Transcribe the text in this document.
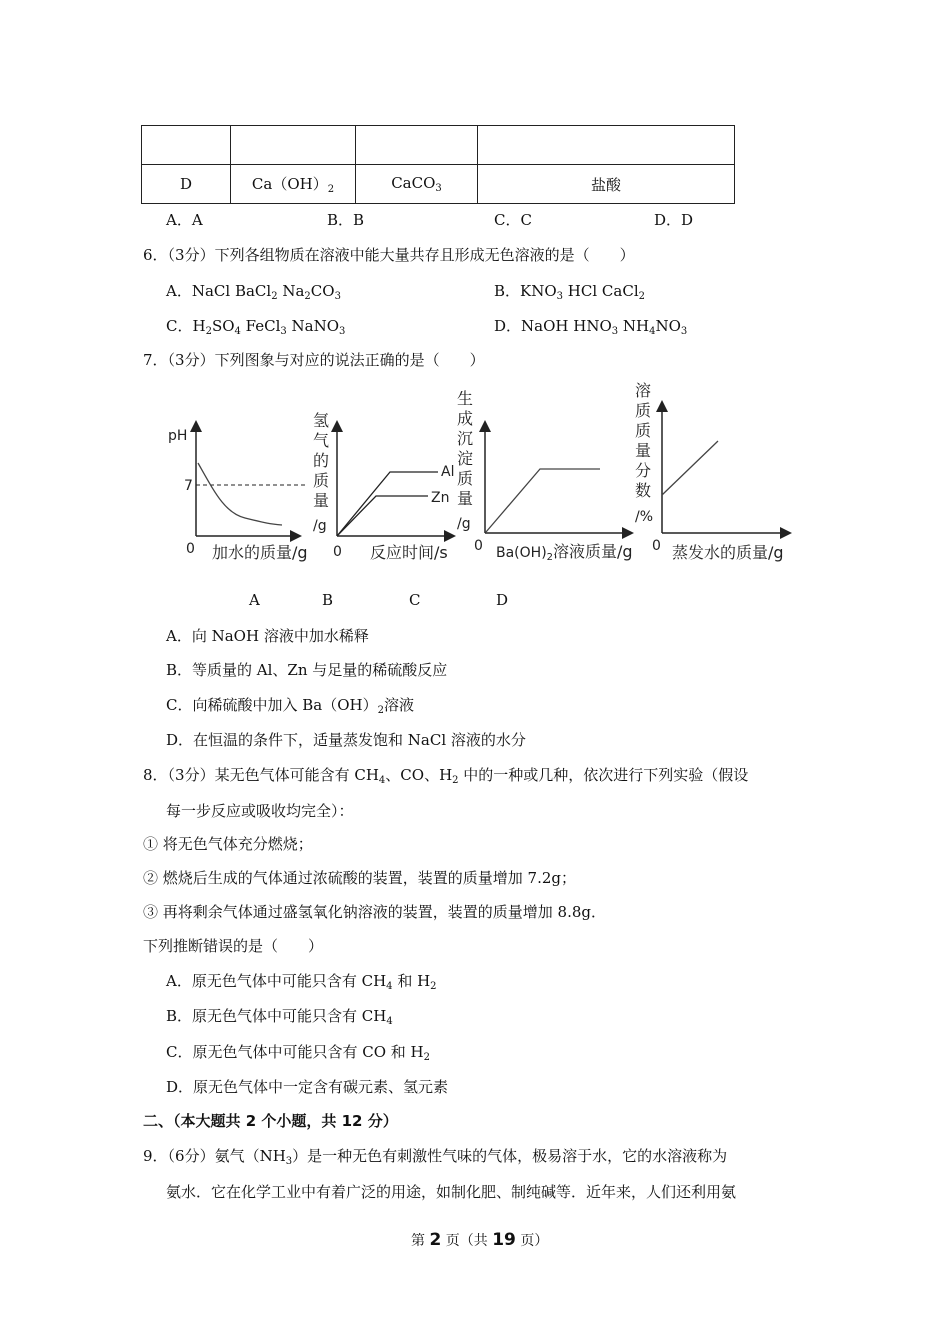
D	$Ca(OH)_2$	CaCO$_3$	盐酸
A．A	B．B	C．C	D．D
6．（3分）下列各组物质在溶液中能大量共存且形成无色溶液的是（　　）
A．NaCl BaCl$_2$ $Na_2CO_3$	B．$KNO_3$ HCl CaCl$_2$
C．$H_2SO_4$ FeCl$_3$ NaNO$_3$	D．NaOH $HNO_3$ $NH_4NO_3$
7．（3分）下列图象与对应的说法正确的是（　　）
pH
7
0 加水的质量/g
氢
气
的
质
量
/g
Al
Zn
0 反应时间/s
生
成
沉
淀
质
量
/g
0 $Ba(OH)_2$溶液质量/g
溶
质
质
量
分
数
/%
0 蒸发水的质量/g
A	B	C	D
A．向 NaOH 溶液中加水稀释
B．等质量的 Al、Zn 与足量的稀硫酸反应
C．向稀硫酸中加入 $Ba(OH)_2$溶液
D．在恒温的条件下，适量蒸发饱和 NaCl 溶液的水分
8．（3分）某无色气体可能含有 $CH_4$、CO、$H_2$ 中的一种或几种，依次进行下列实验（假设
每一步反应或吸收均完全）：
① 将无色气体充分燃烧；
② 燃烧后生成的气体通过浓硫酸的装置，装置的质量增加 7.2g；
③ 再将剩余气体通过盛氢氧化钠溶液的装置，装置的质量增加 8.8g．
下列推断错误的是（　　）
A．原无色气体中可能只含有 $CH_4$ 和 $H_2$
B．原无色气体中可能只含有 $CH_4$
C．原无色气体中可能只含有 CO 和 $H_2$
D．原无色气体中一定含有碳元素、氢元素
二、（本大题共 2 个小题，共 12 分）
9．（6分）氨气$(NH_3)$是一种无色有刺激性气味的气体，极易溶于水，它的水溶液称为
氨水．它在化学工业中有着广泛的用途，如制化肥、制纯碱等．近年来，人们还利用氨
第 2 页（共 19 页）
